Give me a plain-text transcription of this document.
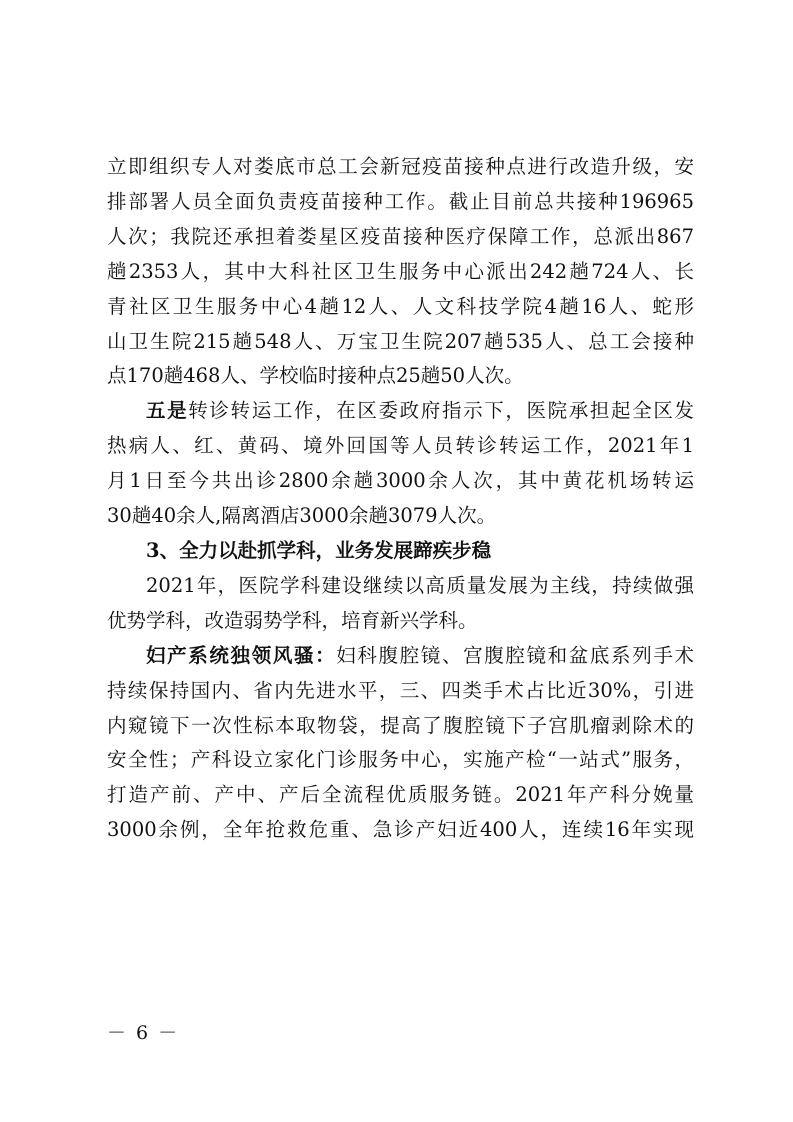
立即组织专人对娄底市总工会新冠疫苗接种点进行改造升级，安

排部署人员全面负责疫苗接种工作。截止目前总共接种196965

人次；我院还承担着娄星区疫苗接种医疗保障工作，总派出867

趟2353人，其中大科社区卫生服务中心派出242趟724人、长

青社区卫生服务中心4趟12人、人文科技学院4趟16人、蛇形

山卫生院215趟548人、万宝卫生院207趟535人、总工会接种

点170趟468人、学校临时接种点25趟50人次。

五是转诊转运工作，在区委政府指示下，医院承担起全区发

热病人、红、黄码、境外回国等人员转诊转运工作，2021年1

月1日至今共出诊2800余趟3000余人次，其中黄花机场转运

30趟40余人,隔离酒店3000余趟3079人次。

3、全力以赴抓学科，业务发展蹄疾步稳

2021年，医院学科建设继续以高质量发展为主线，持续做强

优势学科，改造弱势学科，培育新兴学科。

妇产系统独领风骚：妇科腹腔镜、宫腹腔镜和盆底系列手术

持续保持国内、省内先进水平，三、四类手术占比近30%，引进

内窥镜下一次性标本取物袋，提高了腹腔镜下子宫肌瘤剥除术的

安全性；产科设立家化门诊服务中心，实施产检“一站式”服务，

打造产前、产中、产后全流程优质服务链。2021年产科分娩量

3000余例，全年抢救危重、急诊产妇近400人，连续16年实现

－ 6 －
